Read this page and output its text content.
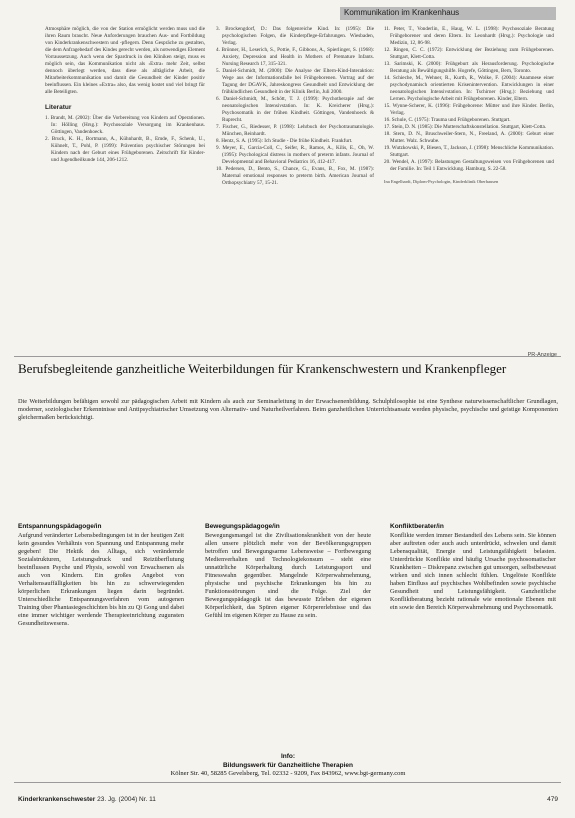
Kommunikation im Krankenhaus

Atmosphäre möglich, die von der Station ermöglicht werden muss und die ihren Raum braucht. Neue Anforderungen brauchen Aus- und Fortbildung von Kinderkrankenschwestern und -pflegern. Denn Gespräche zu gestalten, die dem Anfragebedarf des Kindes gerecht werden, als notwendiges Element Vorraussetzung. Auch wenn der Spardruck in den Kliniken steigt, muss es möglich sein, das Kommunikation nicht als ›Extra‹ mehr Zeit, selbst dennoch überlegt werden, dass diese als alltägliche Arbeit, die Mitarbeiterkommunikation und damit die Gesundheit der Kinder positiv beeinflussen. Ein kleines »Extra« also, das wenig kostet und viel bringt für alle Beteiligten.

Literatur

1. Brandt, M. (2002): Über die Vorbereitung von Kindern auf Operationen. In: Hölling (Hrsg.): Psychosoziale Versorgung im Krankenhaus. Göttingen, Vandenhoeck.

2. Bruck, K. H., Bortmann, A., Kühnhardt, B., Emde, F., Schenk, U., Kühnelt, T., Pohl, P. (1999): Prävention psychischer Störungen bei Kindern nach der Geburt eines Frühgeborenen. Zeitschrift für Kinder- und Jugendheilkunde 144, 206-1212.

3. Brockengdorf, D.: Das folgenreiche Kind. In: (1995): Die psychologischen Folgen, die Kinderpflege-Erfahrungen. Wiesbaden, Verlag.

4. Brönner, H., Leserich, S., Pottie, F., Gibbons, A., Spierlinger, S. (1968): Anxiety, Depression and Health in Mothers of Premature Infants. Nursing Research 17, 315-321.

5. Daniel-Schmidt, M. (2000): Die Analyse der Eltern-Kind-Interaktion: Wege aus der Informationsfalle bei Frühgeborenen. Vortrag auf der Tagung der DGAVK, Jahreskongress Gesundheit und Entwicklung der frühkindlichen Gesundheit in der Klinik Berlin, Juli 2000.

6. Daniel-Schmidt, M., Schött, T. J. (1999): Psychotherapie auf der neonatologischen Intensivstation. In: K. Kreicherer (Hrsg.): Psychosomatik in der frühen Kindheit. Göttingen, Vandenhoeck & Ruprecht.

7. Fischer, G., Riedesser, P. (1998): Lehrbuch der Psychotraumatologie. München, Reinhardt.

8. Hentz, S. A. (1995): Ich Studie - Die frühe Kindheit. Frankfurt.

9. Meyer, E., Garcia-Coll, C., Seifer, R., Ramos, A., Kilis, E., Oh, W. (1995): Psychological distress in mothers of preterm infants. Journal of Developmental and Behavioral Pediatrics 16, 412-417.

10. Pedersen, D., Bento, S., Chance, G., Evans, B., Fox, M. (1987): Maternal emotional responses to preterm birth. American Journal of Orthopsychiatry 57, 15-21.

11. Peter, T., Vonderlin, E., Haug, W. L. (1998): Psychosoziale Beratung Frühgeborener und deren Eltern. In: Leonhardt (Hrsg.): Psychologie und Medizin, 12, 86-98.

12. Ringen, C. C. (1972): Entwicklung der Beziehung zum Frühgeborenen. Stuttgart, Klett-Cotta.

13. Sarimski, K. (2000): Frühgeburt als Herausforderung. Psychologische Beratung als Bewältigungshilfe. Hogrefe, Göttingen, Bern, Toronto.

14. Schieche, M., Wehner, R., Kurth, R., Wolke, F. (2004): Anamnese einer psychodynamisch orientierten Krisenintervention. Entwicklungen in einer neonatologischen Intensivstation. In: Tschirner (Hrsg.): Beziehung und Lernen. Psychologische Arbeit mit Frühgeborenen. Kinder, Eltern.

15. Wynne-Scherer, K. (1996): Frühgeborene: Mütter und ihre Kinder. Berlin, Verlag.

16. Schule, C. (1975): Trauma und Frühgeborenen. Stuttgart.

17. Stein, D. N. (1985): Die Mutterschaftskonstellation. Stuttgart, Klett-Cotta.

18. Stern, D. N., Bruschweiler-Stern, N., Freeland, A. (2000): Geburt einer Mutter. Walz. Schwabe.

19. Wutzkowski, P., Biesen, T., Jackson, J. (1998): Menschliche Kommunikation. Stuttgart.

20. Wendel, A. (1997): Belastungen Gestaltungsweisen von Frühgeborenen und der Familie. In: Teil 1 Entwicklung. Hamburg, S. 22-58.

Ina Engelhardt, Diplom-Psychologin, Kinderklinik Oberhausen
PR-Anzeige
Berufsbegleitende ganzheitliche Weiterbildungen für Krankenschwestern und Krankenpfleger
Die Weiterbildungen befähigen sowohl zur pädagogischen Arbeit mit Kindern als auch zur Seminarleitung in der Erwachsenenbildung. Schulphilosophie ist eine Synthese naturwissenschaftlicher Grundlagen, moderner, soziologischer Erkenntnisse und Antipsychiatrischer Umsetzung von Alternativ- und Naturheilverfahren. Beim ganzheitlichen Unterrichtsansatz werden physische, psychische und geistige Komponenten gleichermaßen berücksichtigt.
Entspannungspädagoge/in
Aufgrund veränderter Lebensbedingungen ist in der heutigen Zeit kein gesundes Verhältnis von Spannung und Entspannung mehr gegeben! Die Hektik des Alltags, sich verändernde Sozialstrukturen, Leistungsdruck und Reizüberflutung beeinflussen Psyche und Physis, sowohl von Erwachsenen als auch von Kindern. Ein großes Angebot von Verhaltensauffälligkeiten bis hin zu schwerwiegenden körperlichen Erkrankungen liegen darin begründet. Unterschiedliche Entspannungsverfahren vom autogenen Training über Phantasiegeschichten bis hin zu Qi Gong und dabei eine immer wichtiger werdende Therapieeinrichtung zugunsten Gesundheitswesens.
Bewegungspädagoge/in
Bewegungsmangel ist die Zivilisationskrankheit von der heute allen unsere plötzlich mehr von der Bevölkerungsgruppen betroffen und Bewegungsarme Lebensweise – Fortbewegung Medienverhalten und Technologiekonsum – steht eine unnatürliche Körperhaltung durch Leistungssport und Fitnesswahn gegenüber. Mangelnde Körperwahrnehmung, physische und psychische Erkrankungen bis hin zu Funktionsstörungen sind die Folge. Ziel der Bewegungspädagogik ist das bewusste Erleben der eigenen Körperlichkeit, das Spüren eigener Körpererlebnisse und das Gefühl im eigenen Körper zu Hause zu sein.
Konfliktberater/in
Konflikte werden immer Bestandteil des Lebens sein. Sie können aber auftreten oder auch auch unterdrückt, schwelen und damit Lebensqualität, Energie und Leistungsfähigkeit belasten. Unterdrückte Konflikte sind häufig Ursache psychosomatischer Krankheiten – Diskrepanz zwischen gut umsorgen, selbstbewusst wirken und sich innen schlecht fühlen. Ungelöste Konflikte haben Einfluss auf psychisches Wohlbefinden sowie psychische Gesundheit und Leistungsfähigkeit. Ganzheitliche Konfliktberatung bezieht rationale wie emotionale Ebenen mit ein sowie den Bereich Körperwahrnehmung und Psychosomatik.
Info:
Bildungswerk für Ganzheitliche Therapien
Kölner Str. 40, 58285 Gevelsberg, Tel. 02332 - 9209, Fax 843962, www.bgt-germany.com
Kinderkrankenschwester 23. Jg. (2004) Nr. 11	479
